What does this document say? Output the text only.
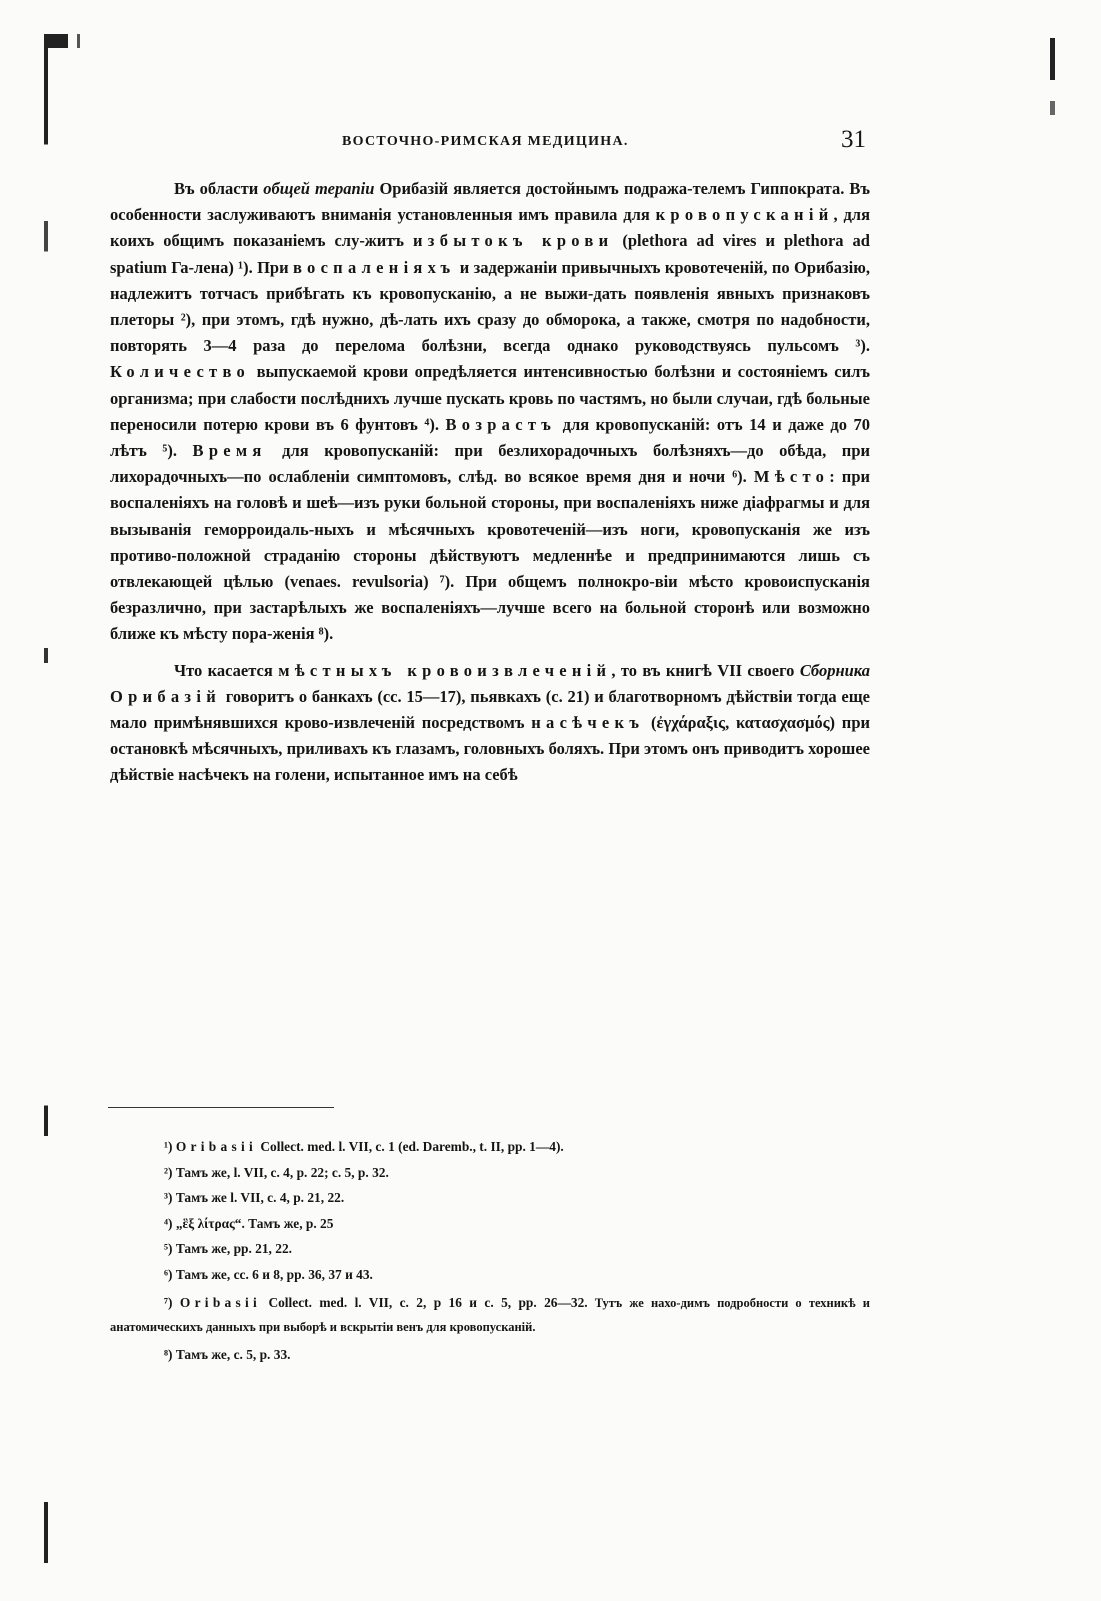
ВОСТОЧНО-РИМСКАЯ МЕДИЦИНА.	31

Въ области общей терапіи Орибазій является достойнымъ подража-телемъ Гиппократа. Въ особенности заслуживаютъ вниманія установленныя имъ правила для кровопусканій, для коихъ общимъ показаніемъ слу-житъ избытокъ крови (plethora ad vires и plethora ad spatium Га-лена) ¹). При воспаленіяхъ и задержаніи привычныхъ кровотеченій, по Орибазію, надлежитъ тотчасъ прибѣгать къ кровопусканію, а не выжи-дать появленія явныхъ признаковъ плеторы ²), при этомъ, гдѣ нужно, дѣ-лать ихъ сразу до обморока, а также, смотря по надобности, повторять 3—4 раза до перелома болѣзни, всегда однако руководствуясь пульсомъ ³). Количество выпускаемой крови опредѣляется интенсивностью болѣзни и состояніемъ силъ организма; при слабости послѣднихъ лучше пускать кровь по частямъ, но были случаи, гдѣ больные переносили потерю крови въ 6 фунтовъ ⁴). Возрастъ для кровопусканій: отъ 14 и даже до 70 лѣтъ ⁵). Время для кровопусканій: при безлихорадочныхъ болѣзняхъ—до обѣда, при лихорадочныхъ—по ослабленіи симптомовъ, слѣд. во всякое время дня и ночи ⁶). Мѣсто: при воспаленіяхъ на головѣ и шеѣ—изъ руки больной стороны, при воспаленіяхъ ниже діафрагмы и для вызыванія геморроидаль-ныхъ и мѣсячныхъ кровотеченій—изъ ноги, кровопусканія же изъ противо-положной страданію стороны дѣйствуютъ медленнѣе и предпринимаются лишь съ отвлекающей цѣлью (venaes. revulsoria) ⁷). При общемъ полнокро-віи мѣсто кровоиспусканія безразлично, при застарѣлыхъ же воспаленіяхъ—лучше всего на больной сторонѣ или возможно ближе къ мѣсту пора-женія ⁸).

Что касается мѣстныхъ кровоизвлеченій, то въ книгѣ VII своего Сборника Орибазій говоритъ о банкахъ (сс. 15—17), пьявкахъ (с. 21) и благотворномъ дѣйствіи тогда еще мало примѣнявшихся крово-извлеченій посредствомъ насѣчекъ (ἐγχάραξις, κατασχασμός) при остановкѣ мѣсячныхъ, приливахъ къ глазамъ, головныхъ боляхъ. При этомъ онъ приводитъ хорошее дѣйствіе насѣчекъ на голени, испытанное имъ на себѣ

¹) Oribasii Collect. med. l. VII, c. 1 (ed. Daremb., t. II, pp. 1—4).

²) Тамъ же, l. VII, c. 4, p. 22; c. 5, p. 32.

³) Тамъ же l. VII, c. 4, p. 21, 22.

⁴) „ἓξ λίτρας“. Тамъ же, p. 25

⁵) Тамъ же, pp. 21, 22.

⁶) Тамъ же, сс. 6 и 8, pp. 36, 37 и 43.

⁷) Oribasii Collect. med. l. VII, c. 2, p 16 и c. 5, pp. 26—32. Тутъ же нахо-димъ подробности о техникѣ и анатомическихъ данныхъ при выборѣ и вскрытіи венъ для кровопусканій.

⁸) Тамъ же, c. 5, p. 33.
